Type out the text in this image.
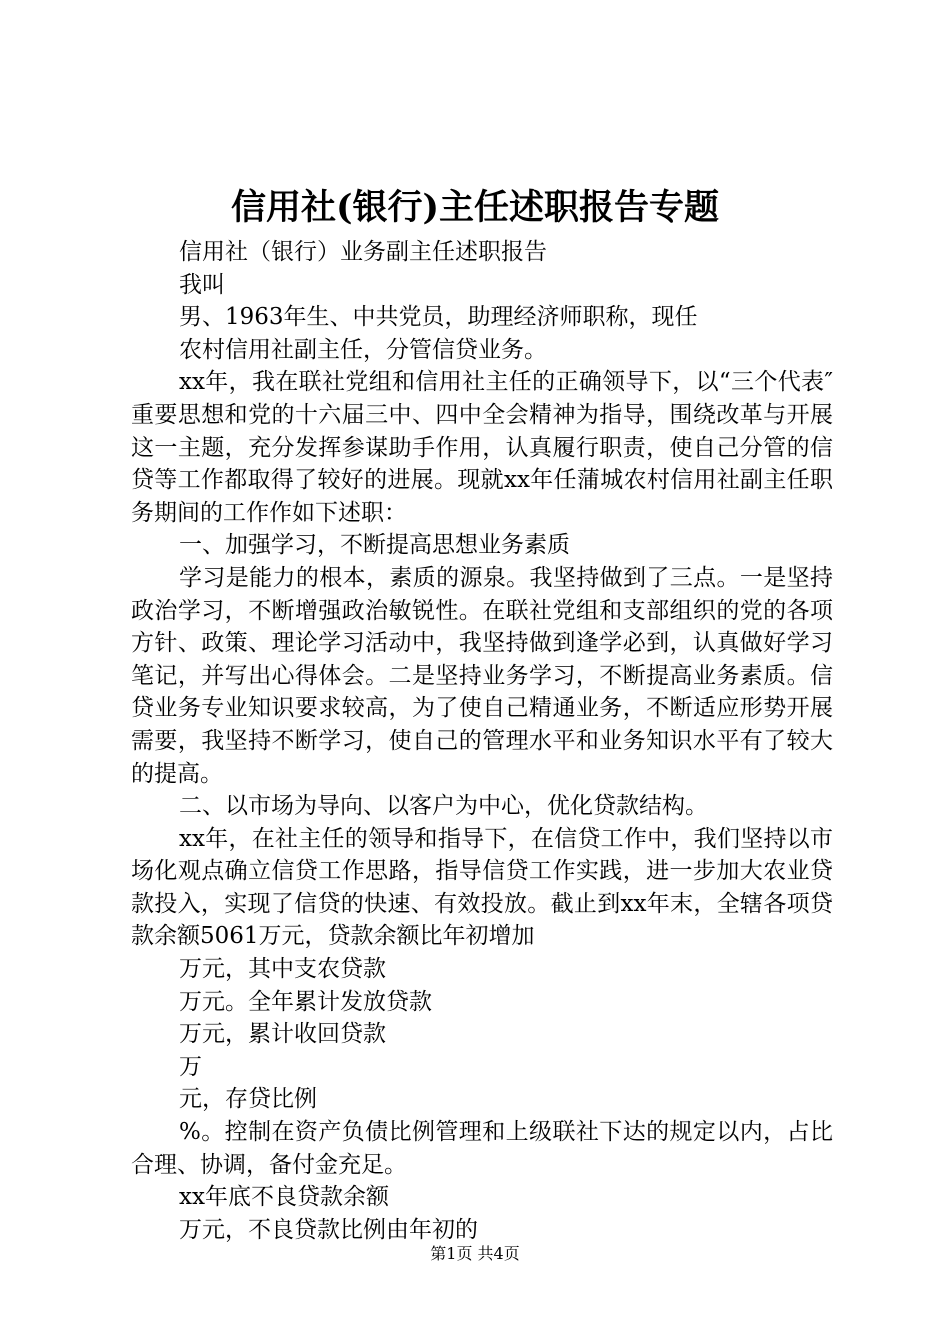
信用社(银行)主任述职报告专题

信用社（银行）业务副主任述职报告

我叫

男、1963年生、中共党员，助理经济师职称，现任

农村信用社副主任，分管信贷业务。

xx年，我在联社党组和信用社主任的正确领导下，以“三个代表″重要思想和党的十六届三中、四中全会精神为指导，围绕改革与开展这一主题，充分发挥参谋助手作用，认真履行职责，使自己分管的信贷等工作都取得了较好的进展。现就xx年任蒲城农村信用社副主任职务期间的工作作如下述职：

一、加强学习，不断提高思想业务素质

学习是能力的根本，素质的源泉。我坚持做到了三点。一是坚持政治学习，不断增强政治敏锐性。在联社党组和支部组织的党的各项方针、政策、理论学习活动中，我坚持做到逢学必到，认真做好学习笔记，并写出心得体会。二是坚持业务学习，不断提高业务素质。信贷业务专业知识要求较高，为了使自己精通业务，不断适应形势开展需要，我坚持不断学习，使自己的管理水平和业务知识水平有了较大的提高。

二、以市场为导向、以客户为中心，优化贷款结构。

xx年，在社主任的领导和指导下，在信贷工作中，我们坚持以市场化观点确立信贷工作思路，指导信贷工作实践，进一步加大农业贷款投入，实现了信贷的快速、有效投放。截止到xx年末，全辖各项贷款余额5061万元，贷款余额比年初增加

万元，其中支农贷款

万元。全年累计发放贷款

万元，累计收回贷款

万

元，存贷比例

%。控制在资产负债比例管理和上级联社下达的规定以内，占比合理、协调，备付金充足。

xx年底不良贷款余额

万元，不良贷款比例由年初的

第1页 共4页
